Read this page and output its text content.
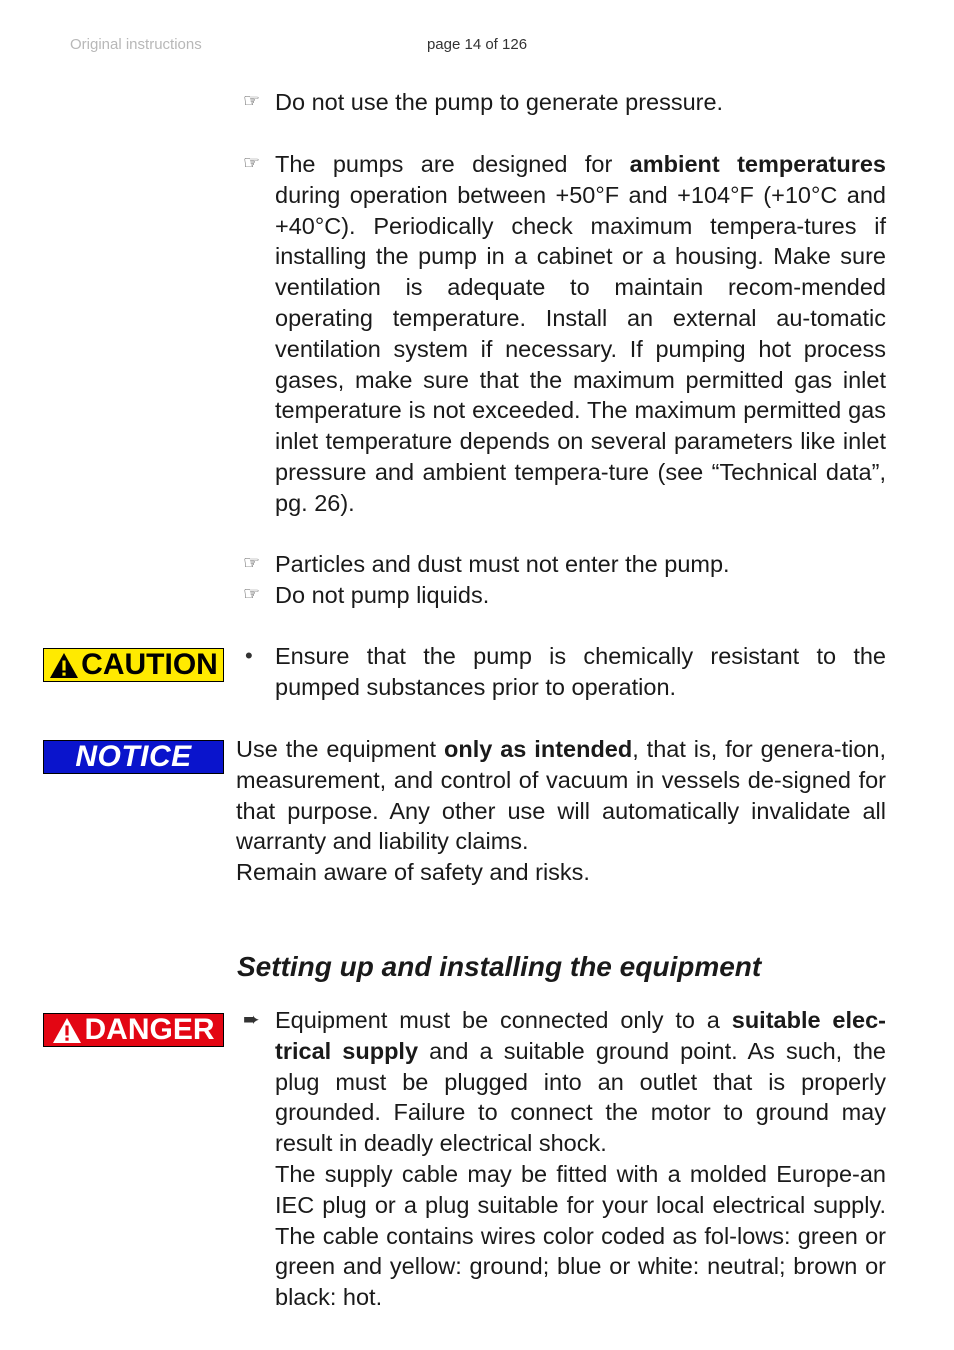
Original instructions	page 14 of 126
☞ Do not use the pump to generate pressure.
☞ The pumps are designed for ambient temperatures during operation between +50°F and +104°F (+10°C and +40°C). Periodically check maximum tempera-tures if installing the pump in a cabinet or a housing. Make sure ventilation is adequate to maintain recom-mended operating temperature. Install an external au-tomatic ventilation system if necessary. If pumping hot process gases, make sure that the maximum permitted gas inlet temperature is not exceeded. The maximum permitted gas inlet temperature depends on several parameters like inlet pressure and ambient tempera-ture (see “Technical data”, pg. 26).
☞ Particles and dust must not enter the pump.
☞ Do not pump liquids.
CAUTION • Ensure that the pump is chemically resistant to the pumped substances prior to operation.
NOTICE Use the equipment only as intended, that is, for genera-tion, measurement, and control of vacuum in vessels de-signed for that purpose. Any other use will automatically invalidate all warranty and liability claims.

Remain aware of safety and risks.

Setting up and installing the equipment
DANGER ➨ Equipment must be connected only to a suitable elec-trical supply and a suitable ground point. As such, the plug must be plugged into an outlet that is properly grounded. Failure to connect the motor to ground may result in deadly electrical shock.
The supply cable may be fitted with a molded Europe-an IEC plug or a plug suitable for your local electrical supply. The cable contains wires color coded as fol-lows: green or green and yellow: ground; blue or white: neutral; brown or black: hot.
